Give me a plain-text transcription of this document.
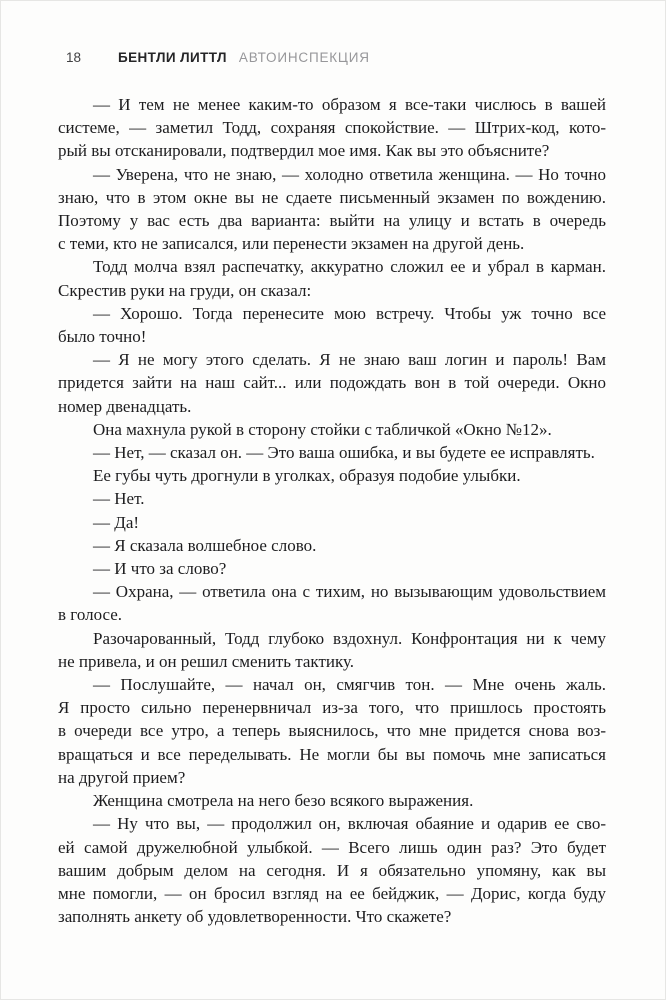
18	БЕНТЛИ ЛИТТЛ АВТОИНСПЕКЦИЯ
— И тем не менее каким-то образом я все-таки числюсь в вашей
системе, — заметил Тодд, сохраняя спокойствие. — Штрих-код, кото-
рый вы отсканировали, подтвердил мое имя. Как вы это объясните?
— Уверена, что не знаю, — холодно ответила женщина. — Но точно
знаю, что в этом окне вы не сдаете письменный экзамен по вождению.
Поэтому у вас есть два варианта: выйти на улицу и встать в очередь
с теми, кто не записался, или перенести экзамен на другой день.
Тодд молча взял распечатку, аккуратно сложил ее и убрал в карман.
Скрестив руки на груди, он сказал:
— Хорошо. Тогда перенесите мою встречу. Чтобы уж точно все
было точно!
— Я не могу этого сделать. Я не знаю ваш логин и пароль! Вам
придется зайти на наш сайт... или подождать вон в той очереди. Окно
номер двенадцать.
Она махнула рукой в сторону стойки с табличкой «Окно №12».
— Нет, — сказал он. — Это ваша ошибка, и вы будете ее исправлять.
Ее губы чуть дрогнули в уголках, образуя подобие улыбки.
— Нет.
— Да!
— Я сказала волшебное слово.
— И что за слово?
— Охрана, — ответила она с тихим, но вызывающим удовольствием
в голосе.
Разочарованный, Тодд глубоко вздохнул. Конфронтация ни к чему
не привела, и он решил сменить тактику.
— Послушайте, — начал он, смягчив тон. — Мне очень жаль.
Я просто сильно перенервничал из-за того, что пришлось простоять
в очереди все утро, а теперь выяснилось, что мне придется снова воз-
вращаться и все переделывать. Не могли бы вы помочь мне записаться
на другой прием?
Женщина смотрела на него безо всякого выражения.
— Ну что вы, — продолжил он, включая обаяние и одарив ее сво-
ей самой дружелюбной улыбкой. — Всего лишь один раз? Это будет
вашим добрым делом на сегодня. И я обязательно упомяну, как вы
мне помогли, — он бросил взгляд на ее бейджик, — Дорис, когда буду
заполнять анкету об удовлетворенности. Что скажете?
